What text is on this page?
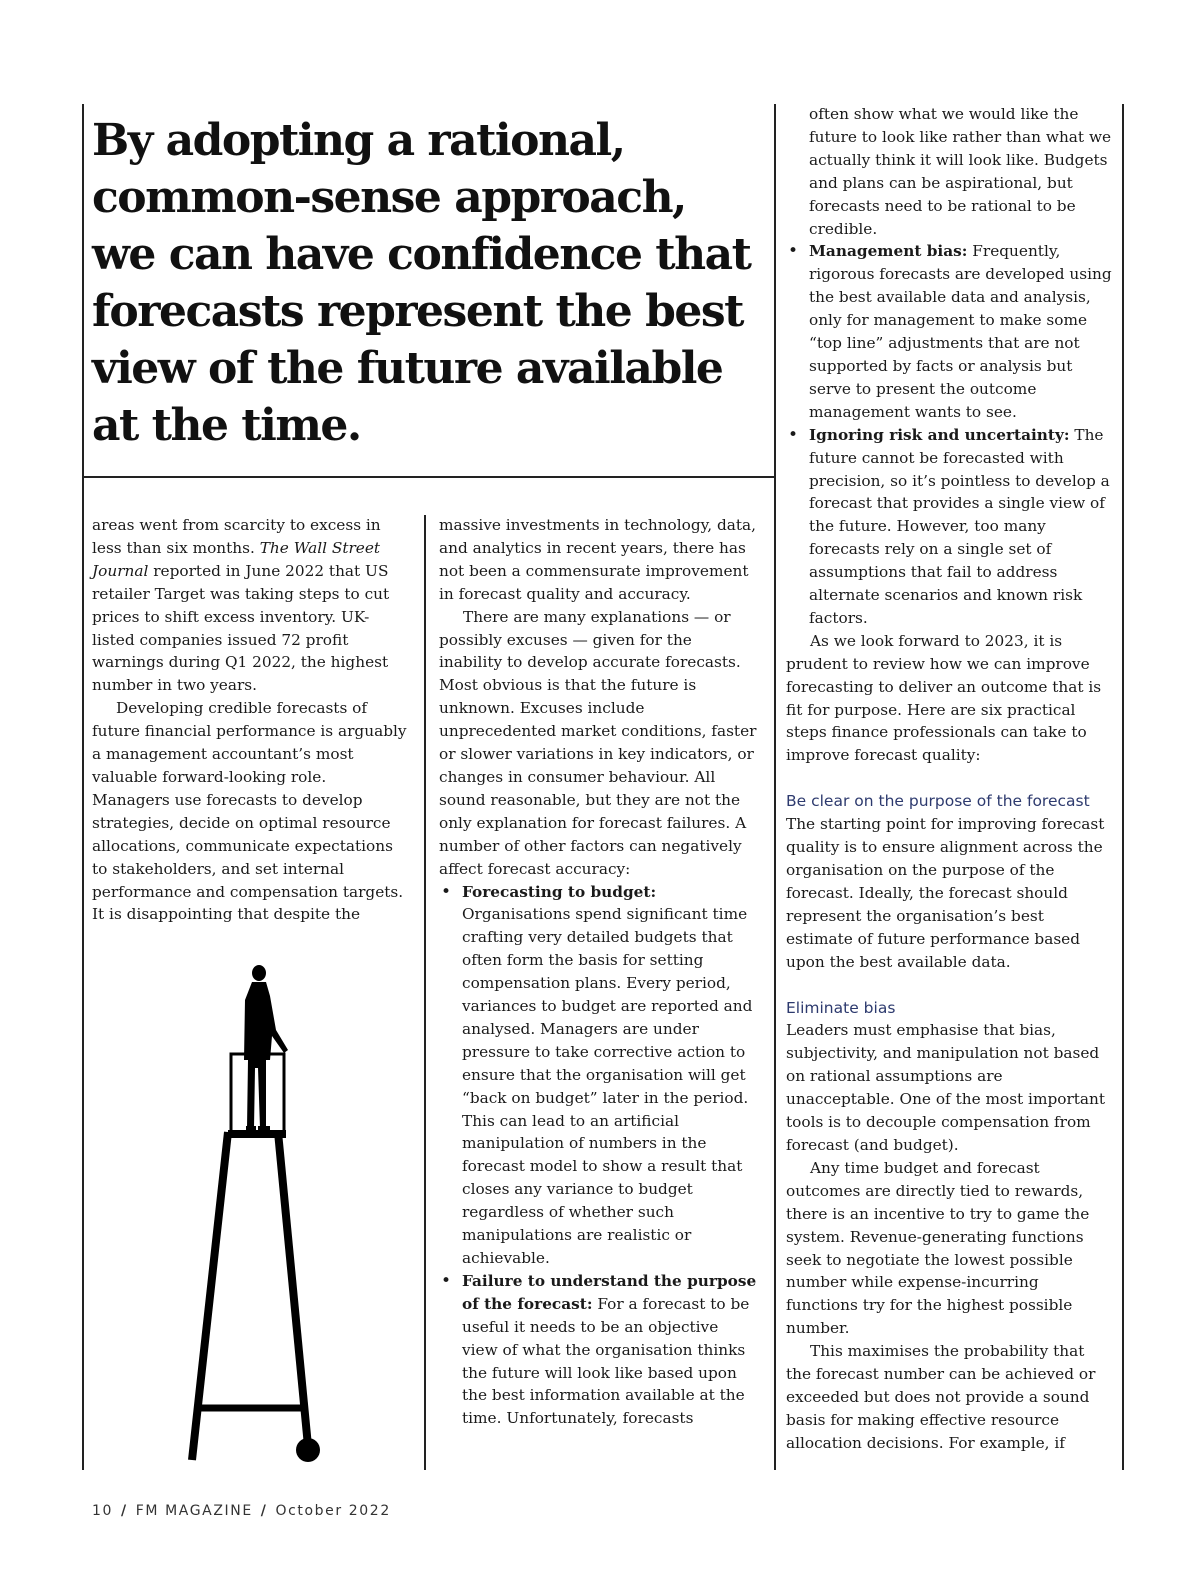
By adopting a rational,
common-sense approach,
we can have confidence that
forecasts represent the best
view of the future available
at the time.

areas went from scarcity to excess in less than six months. The Wall Street Journal reported in June 2022 that US retailer Target was taking steps to cut prices to shift excess inventory. UK-listed companies issued 72 profit warnings during Q1 2022, the highest number in two years.

Developing credible forecasts of future financial performance is arguably a management accountant’s most valuable forward-looking role. Managers use forecasts to develop strategies, decide on optimal resource allocations, communicate expectations to stakeholders, and set internal performance and compensation targets. It is disappointing that despite the

massive investments in technology, data, and analytics in recent years, there has not been a commensurate improvement in forecast quality and accuracy.

There are many explanations — or possibly excuses — given for the inability to develop accurate forecasts. Most obvious is that the future is unknown. Excuses include unprecedented market conditions, faster or slower variations in key indicators, or changes in consumer behaviour. All sound reasonable, but they are not the only explanation for forecast failures. A number of other factors can negatively affect forecast accuracy:

• Forecasting to budget: Organisations spend significant time crafting very detailed budgets that often form the basis for setting compensation plans. Every period, variances to budget are reported and analysed. Managers are under pressure to take corrective action to ensure that the organisation will get “back on budget” later in the period. This can lead to an artificial manipulation of numbers in the forecast model to show a result that closes any variance to budget regardless of whether such manipulations are realistic or achievable.
• Failure to understand the purpose of the forecast: For a forecast to be useful it needs to be an objective view of what the organisation thinks the future will look like based upon the best information available at the time. Unfortunately, forecasts

often show what we would like the future to look like rather than what we actually think it will look like. Budgets and plans can be aspirational, but forecasts need to be rational to be credible.

• Management bias: Frequently, rigorous forecasts are developed using the best available data and analysis, only for management to make some “top line” adjustments that are not supported by facts or analysis but serve to present the outcome management wants to see.
• Ignoring risk and uncertainty: The future cannot be forecasted with precision, so it’s pointless to develop a forecast that provides a single view of the future. However, too many forecasts rely on a single set of assumptions that fail to address alternate scenarios and known risk factors.

As we look forward to 2023, it is prudent to review how we can improve forecasting to deliver an outcome that is fit for purpose. Here are six practical steps finance professionals can take to improve forecast quality:

Be clear on the purpose of the forecast

The starting point for improving forecast quality is to ensure alignment across the organisation on the purpose of the forecast. Ideally, the forecast should represent the organisation’s best estimate of future performance based upon the best available data.

Eliminate bias

Leaders must emphasise that bias, subjectivity, and manipulation not based on rational assumptions are unacceptable. One of the most important tools is to decouple compensation from forecast (and budget).

Any time budget and forecast outcomes are directly tied to rewards, there is an incentive to try to game the system. Revenue-generating functions seek to negotiate the lowest possible number while expense-incurring functions try for the highest possible number.

This maximises the probability that the forecast number can be achieved or exceeded but does not provide a sound basis for making effective resource allocation decisions. For example, if

10 / FM MAGAZINE / October 2022
